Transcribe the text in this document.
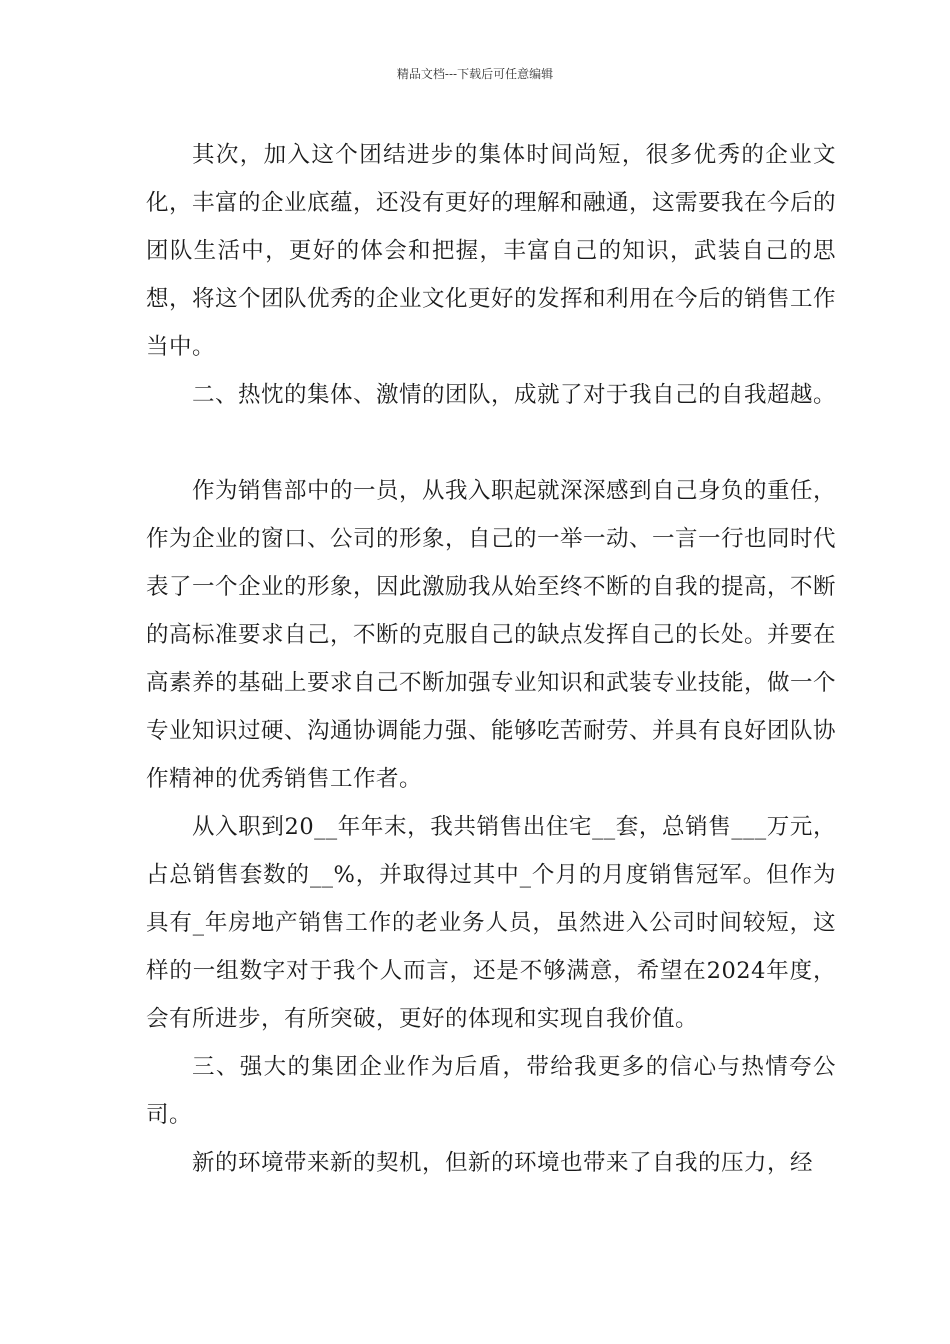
精品文档---下载后可任意编辑

其次，加入这个团结进步的集体时间尚短，很多优秀的企业文化，丰富的企业底蕴，还没有更好的理解和融通，这需要我在今后的团队生活中，更好的体会和把握，丰富自己的知识，武装自己的思想，将这个团队优秀的企业文化更好的发挥和利用在今后的销售工作当中。

二、热忱的集体、激情的团队，成就了对于我自己的自我超越。

作为销售部中的一员，从我入职起就深深感到自己身负的重任，作为企业的窗口、公司的形象，自己的一举一动、一言一行也同时代表了一个企业的形象，因此激励我从始至终不断的自我的提高，不断的高标准要求自己，不断的克服自己的缺点发挥自己的长处。并要在高素养的基础上要求自己不断加强专业知识和武装专业技能，做一个专业知识过硬、沟通协调能力强、能够吃苦耐劳、并具有良好团队协作精神的优秀销售工作者。

从入职到20__年年末，我共销售出住宅__套，总销售___万元，占总销售套数的__%，并取得过其中_个月的月度销售冠军。但作为具有_年房地产销售工作的老业务人员，虽然进入公司时间较短，这样的一组数字对于我个人而言，还是不够满意，希望在2024年度，会有所进步，有所突破，更好的体现和实现自我价值。

三、强大的集团企业作为后盾，带给我更多的信心与热情夸公司。

新的环境带来新的契机，但新的环境也带来了自我的压力，经
